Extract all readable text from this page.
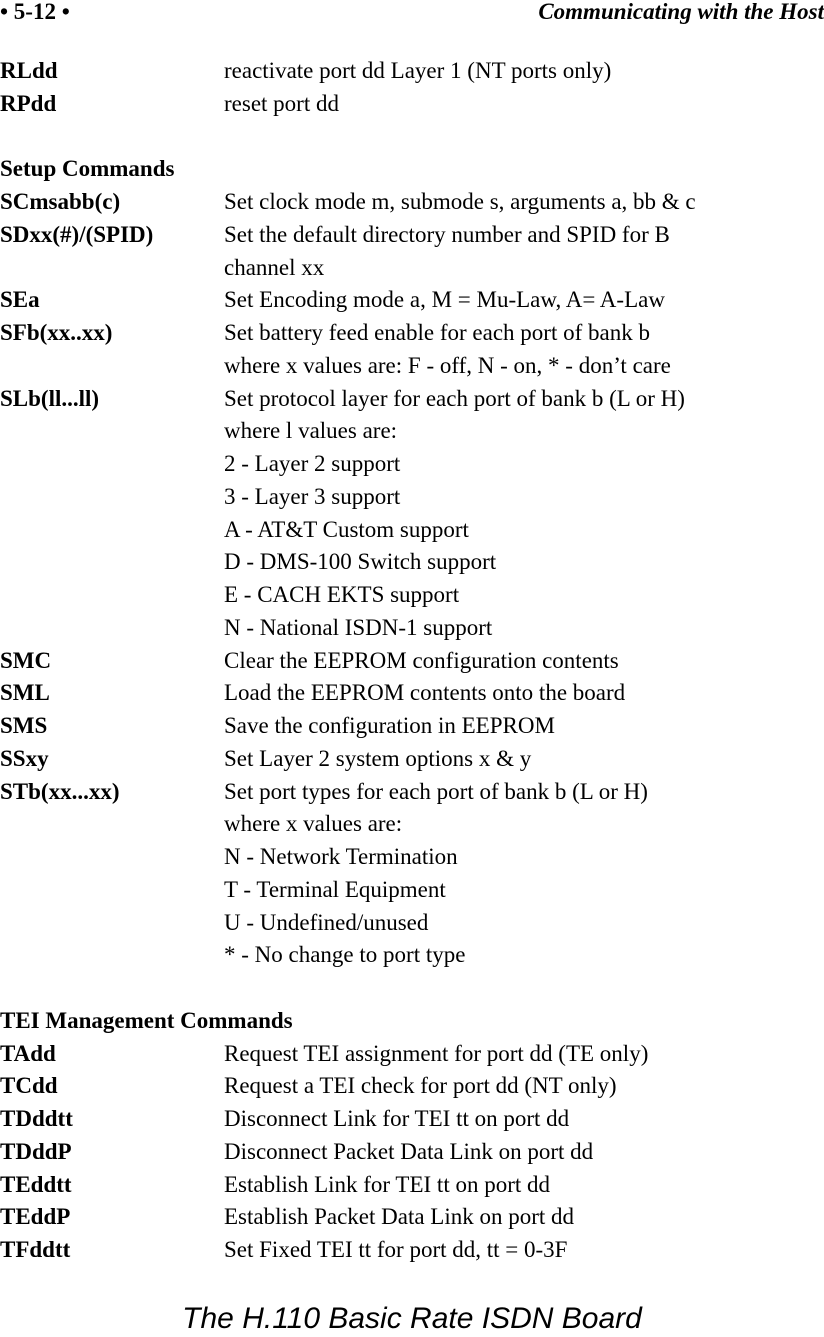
• 5-12 •	Communicating with the Host
RLdd	reactivate port dd Layer 1 (NT ports only)
RPdd	reset port dd
Setup Commands
SCmsabb(c)	Set clock mode m, submode s, arguments a, bb & c
SDxx(#)/(SPID)	Set the default directory number and SPID for B
channel xx
SEa	Set Encoding mode a, M = Mu-Law, A= A-Law
SFb(xx..xx)	Set battery feed enable for each port of bank b
where x values are: F - off, N - on, * - don’t care
SLb(ll...ll)	Set protocol layer for each port of bank b (L or H)
where l values are:
2 - Layer 2 support
3 - Layer 3 support
A - AT&T Custom support
D - DMS-100 Switch support
E - CACH EKTS support
N - National ISDN-1 support
SMC	Clear the EEPROM configuration contents
SML	Load the EEPROM contents onto the board
SMS	Save the configuration in EEPROM
SSxy	Set Layer 2 system options x & y
STb(xx...xx)	Set port types for each port of bank b (L or H)
where x values are:
N - Network Termination
T - Terminal Equipment
U - Undefined/unused
* - No change to port type
TEI Management Commands
TAdd	Request TEI assignment for port dd (TE only)
TCdd	Request a TEI check for port dd (NT only)
TDddtt	Disconnect Link for TEI tt on port dd
TDddP	Disconnect Packet Data Link on port dd
TEddtt	Establish Link for TEI tt on port dd
TEddP	Establish Packet Data Link on port dd
TFddtt	Set Fixed TEI tt for port dd, tt = 0-3F
The H.110 Basic Rate ISDN Board
